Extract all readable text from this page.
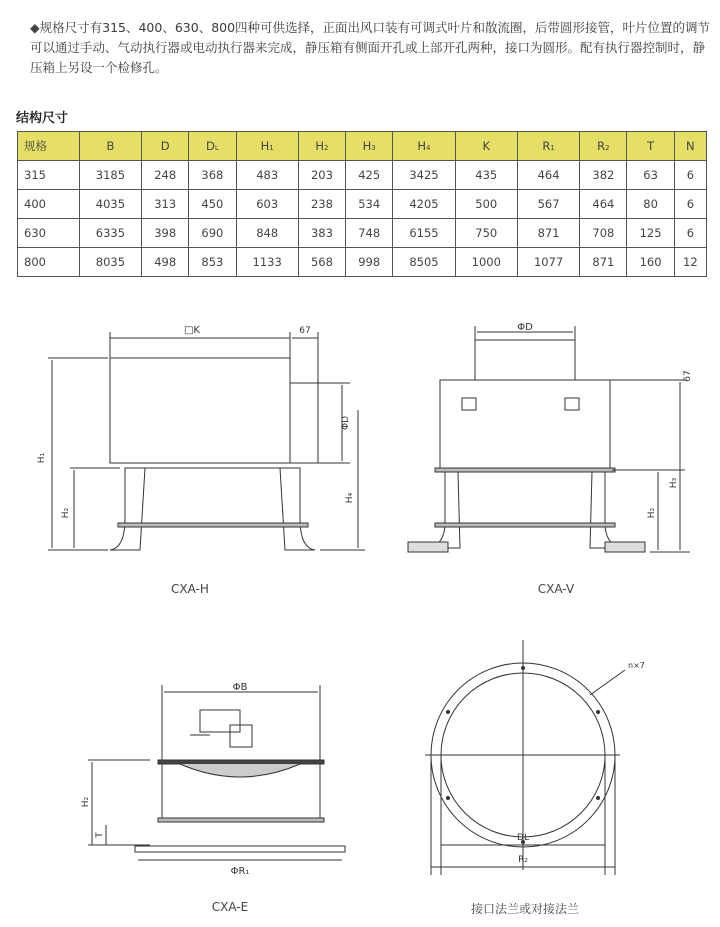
◆规格尺寸有315、400、630、800四种可供选择，正面出风口装有可调式叶片和散流圈，后带圆形接管，叶片位置的调节可以通过手动、气动执行器或电动执行器来完成，静压箱有侧面开孔或上部开孔两种，接口为圆形。配有执行器控制时，静压箱上另设一个检修孔。
结构尺寸
规格	B	D	DL	H1	H2	H3	H4	K	R1	R2	T	N
315	3185	248	368	483	203	425	3425	435	464	382	63	6
400	4035	313	450	603	238	534	4205	500	567	464	80	6
630	6335	398	690	848	383	748	6155	750	871	708	125	6
800	8035	498	853	1133	568	998	8505	1000	1077	871	160	12
□K	67
ΦD
H₁
H₂
H₄
CXA-H
ΦD
67
H₃
H₂
CXA-V
ΦB
ΦR₁
H₂
T
CXA-E
n×7
DL
R₂
接口法兰或对接法兰
